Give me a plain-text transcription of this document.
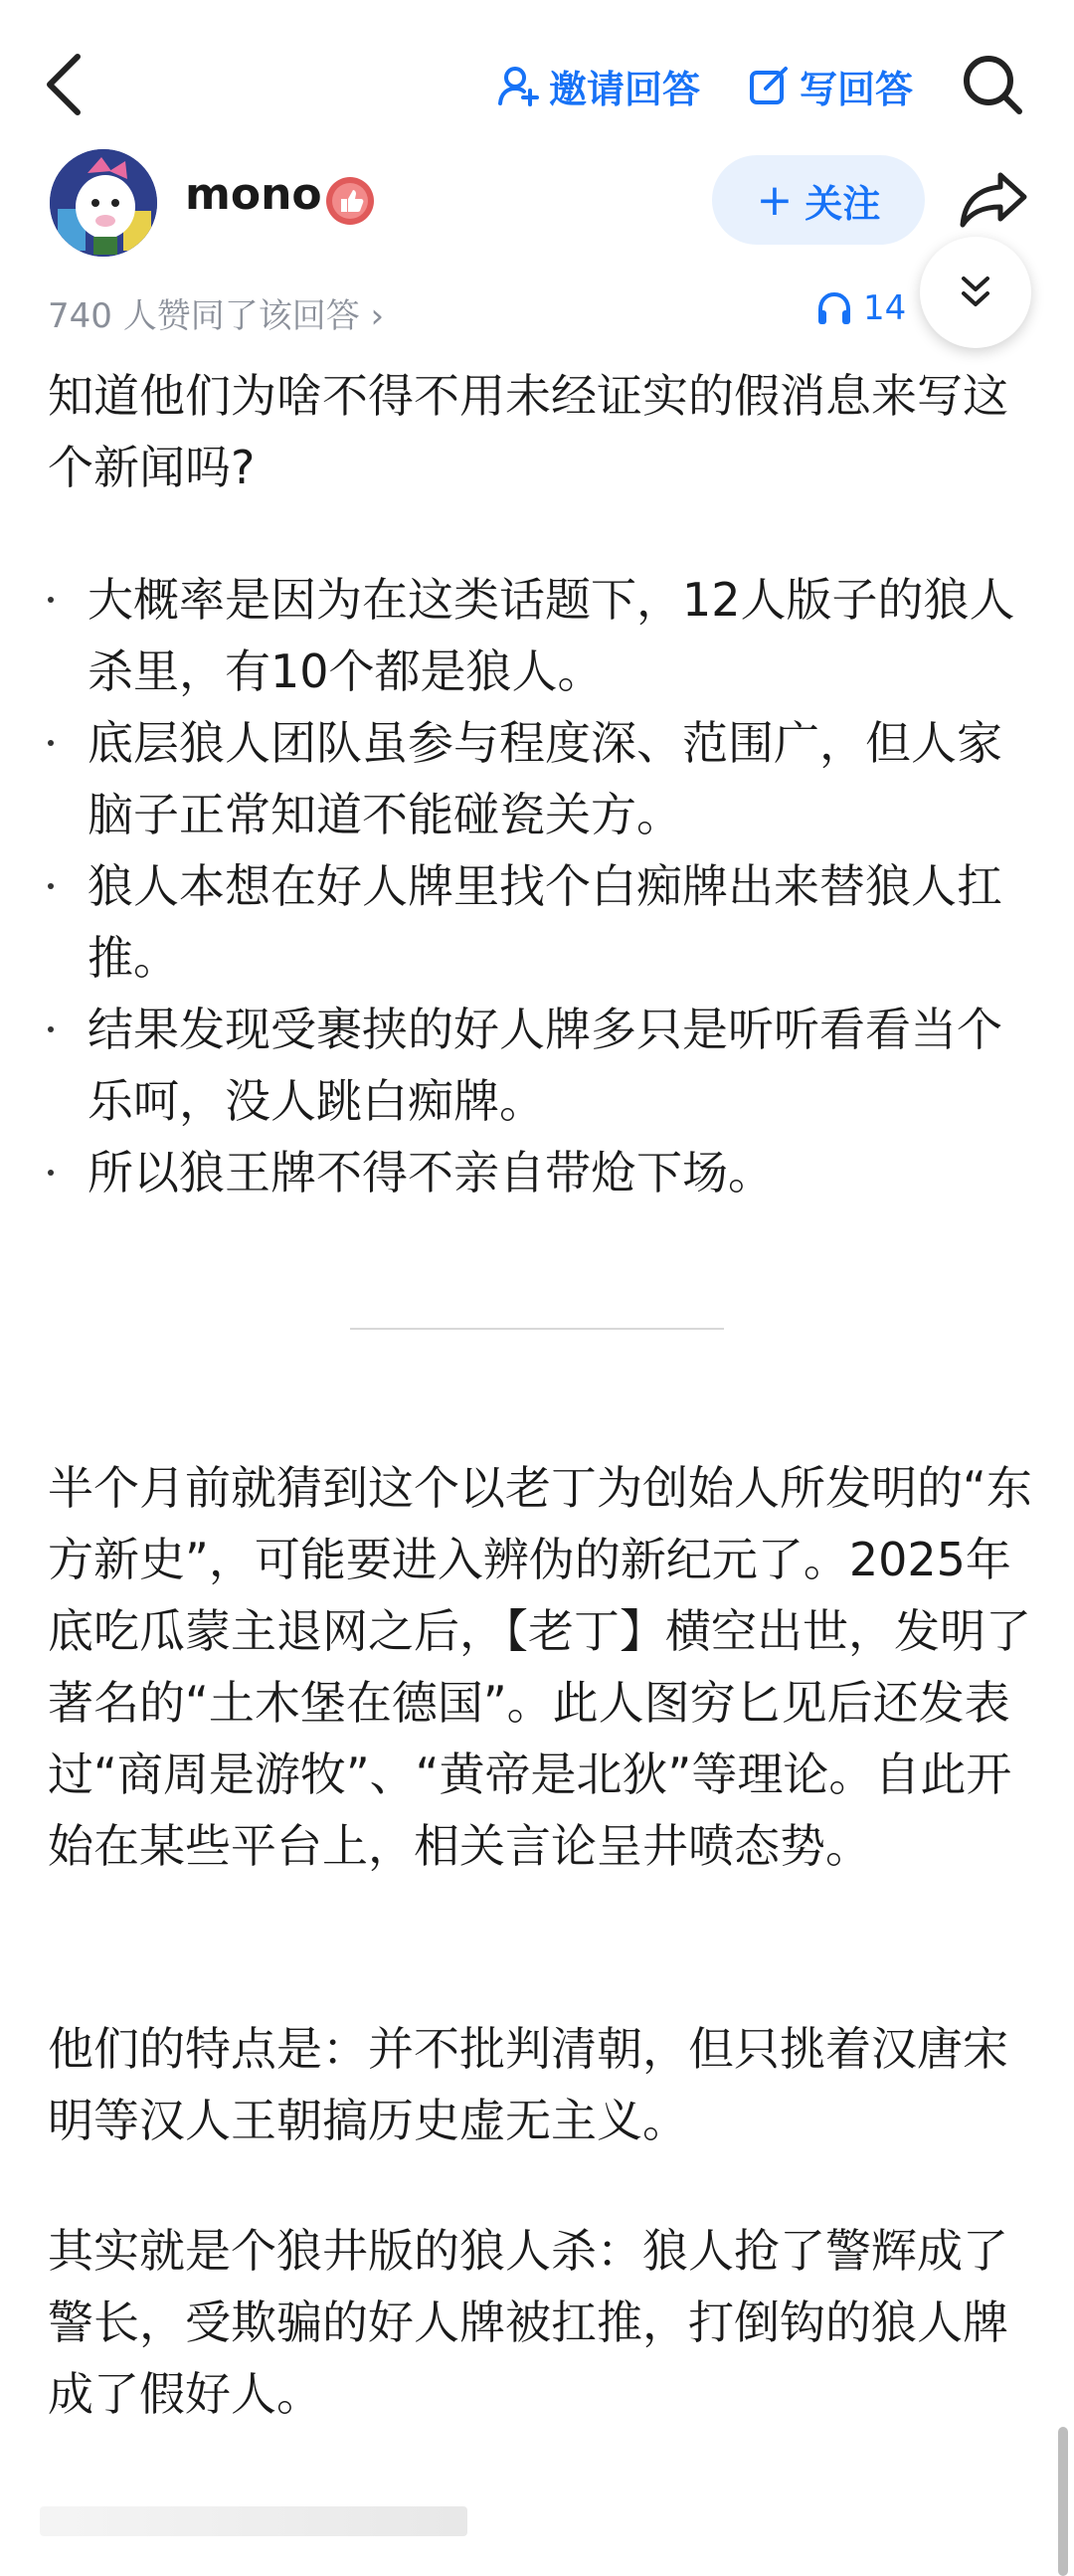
邀请回答	写回答
mono	+ 关注
740 人赞同了该回答 ›	14
知道他们为啥不得不用未经证实的假消息来写这个新闻吗?
大概率是因为在这类话题下，12人版子的狼人杀里，有10个都是狼人。
底层狼人团队虽参与程度深、范围广，但人家脑子正常知道不能碰瓷关方。
狼人本想在好人牌里找个白痴牌出来替狼人扛推。
结果发现受裹挟的好人牌多只是听听看看当个乐呵，没人跳白痴牌。
所以狼王牌不得不亲自带炝下场。
半个月前就猜到这个以老丁为创始人所发明的“东方新史”，可能要进入辨伪的新纪元了。2025年底吃瓜蒙主退网之后，【老丁】横空出世，发明了著名的“土木堡在德国”。此人图穷匕见后还发表过“商周是游牧”、“黄帝是北狄”等理论。自此开始在某些平台上，相关言论呈井喷态势。
他们的特点是：并不批判清朝，但只挑着汉唐宋明等汉人王朝搞历史虚无主义。
其实就是个狼井版的狼人杀：狼人抢了警辉成了警长，受欺骗的好人牌被扛推，打倒钩的狼人牌成了假好人。
